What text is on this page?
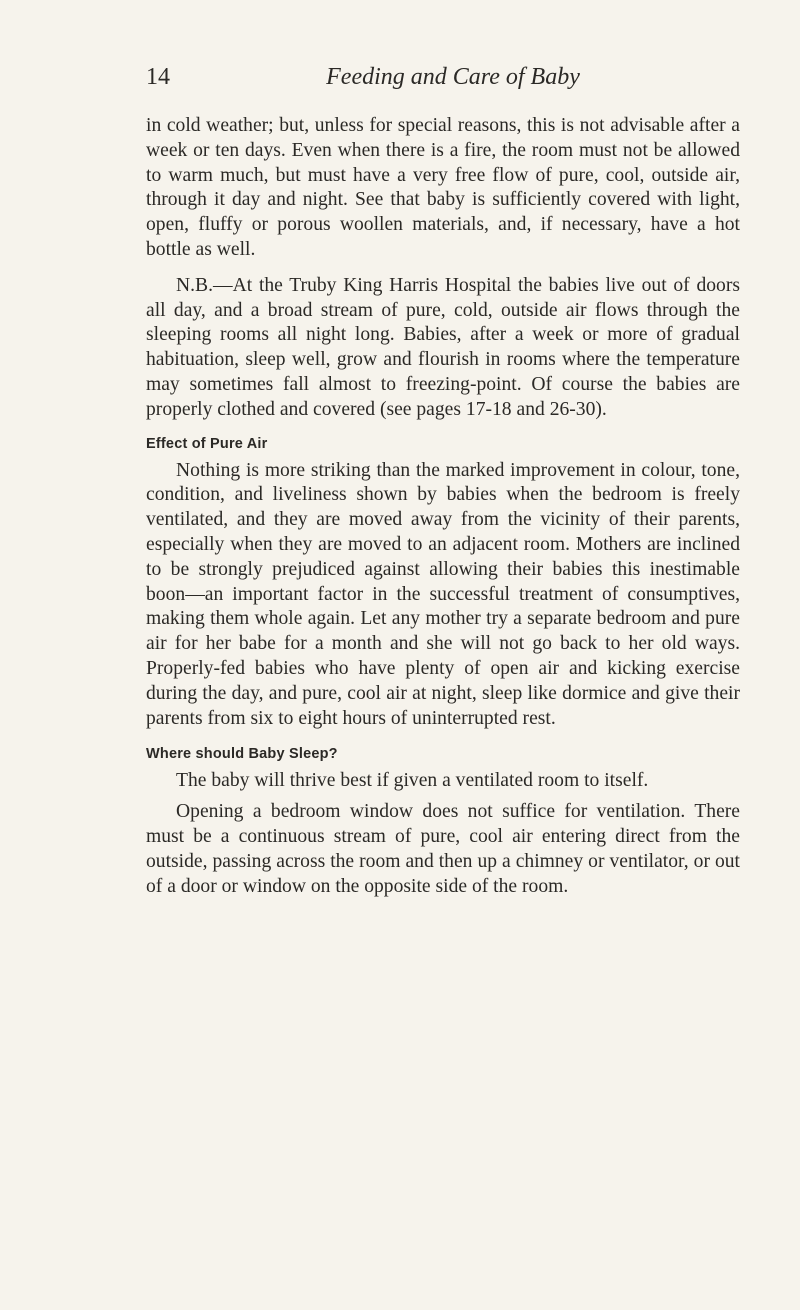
14	Feeding and Care of Baby

in cold weather; but, unless for special reasons, this is not advisable after a week or ten days. Even when there is a fire, the room must not be allowed to warm much, but must have a very free flow of pure, cool, outside air, through it day and night. See that baby is sufficiently covered with light, open, fluffy or porous woollen materials, and, if necessary, have a hot bottle as well.

N.B.—At the Truby King Harris Hospital the babies live out of doors all day, and a broad stream of pure, cold, outside air flows through the sleeping rooms all night long. Babies, after a week or more of gradual habituation, sleep well, grow and flourish in rooms where the temperature may sometimes fall almost to freezing-point. Of course the babies are properly clothed and covered (see pages 17-18 and 26-30).

Effect of Pure Air

Nothing is more striking than the marked improvement in colour, tone, condition, and liveliness shown by babies when the bedroom is freely ventilated, and they are moved away from the vicinity of their parents, especially when they are moved to an adjacent room. Mothers are inclined to be strongly prejudiced against allowing their babies this inestimable boon—an important factor in the successful treatment of consumptives, making them whole again. Let any mother try a separate bedroom and pure air for her babe for a month and she will not go back to her old ways. Properly-fed babies who have plenty of open air and kicking exercise during the day, and pure, cool air at night, sleep like dormice and give their parents from six to eight hours of uninterrupted rest.

Where should Baby Sleep?

The baby will thrive best if given a ventilated room to itself.

Opening a bedroom window does not suffice for ventilation. There must be a continuous stream of pure, cool air entering direct from the outside, passing across the room and then up a chimney or ventilator, or out of a door or window on the opposite side of the room.
